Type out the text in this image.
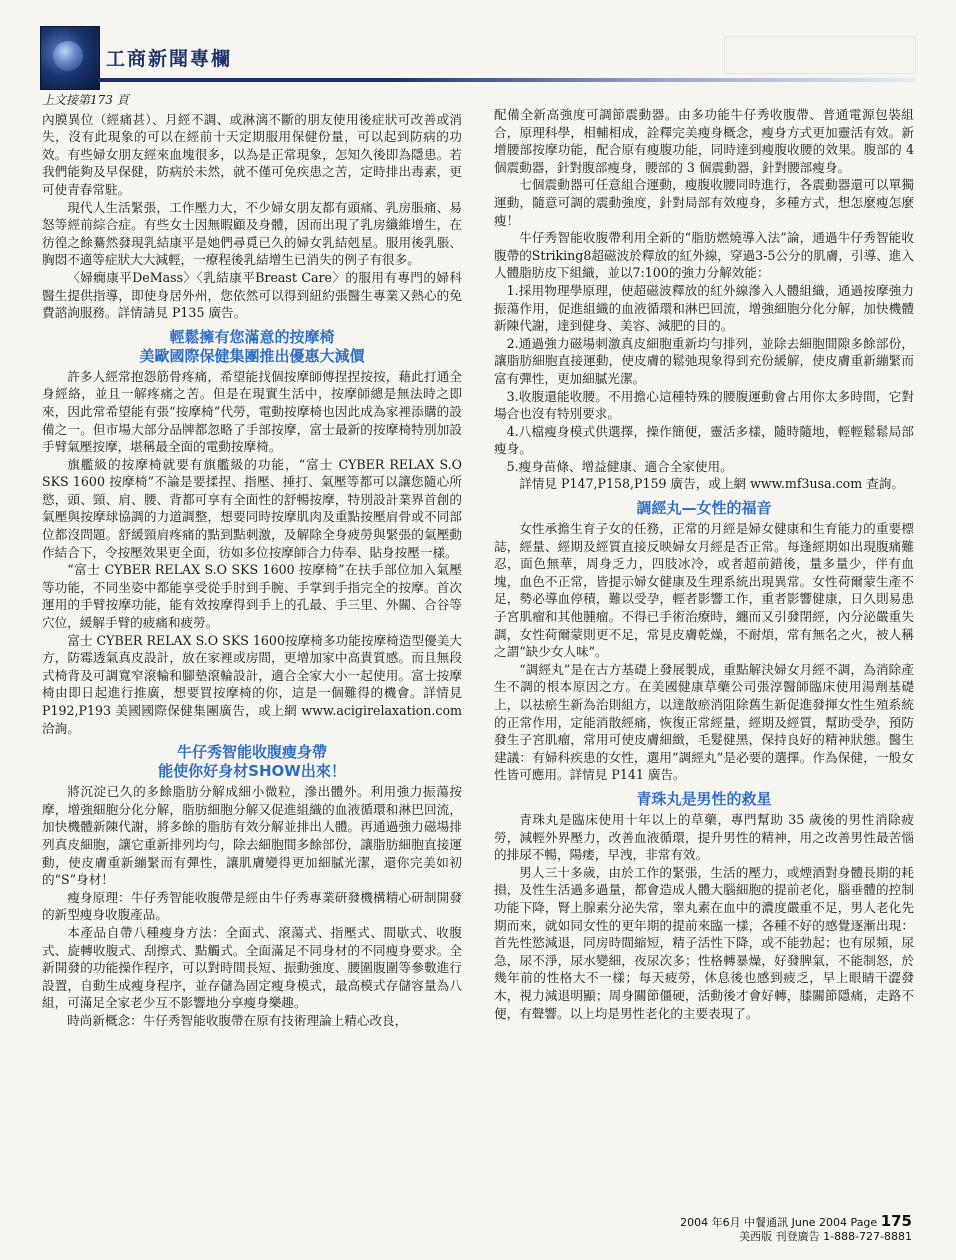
工商新聞專欄
上文接第173 頁

內膜異位（經痛甚）、月經不調、或淋漓不斷的朋友使用後症狀可改善或消失，沒有此現象的可以在經前十天定期服用保健份量，可以起到防病的功效。有些婦女朋友經來血塊很多，以為是正常現象，怎知久後即為隱患。若我們能夠及早保健，防病於未然，就不僅可免疾患之苦，定時排出毒素，更可使青春常駐。

現代人生活緊張，工作壓力大，不少婦女朋友都有頭痛、乳房脹痛、易怒等經前綜合症。有些女士因無暇顧及身體，因而出現了乳房纖維增生，在彷徨之餘驀然發現乳結康平是她們尋覓已久的婦女乳結剋星。服用後乳脹、胸悶不適等症狀大大減輕，一療程後乳結增生已消失的例子有很多。

〈婦癇康平DeMass〉〈乳結康平Breast Care〉的服用有專門的婦科醫生提供指導，即使身居外州，您依然可以得到紐約張醫生專業又熱心的免費諮詢服務。詳情請見 P135 廣告。

輕鬆擁有您滿意的按摩椅
美歐國際保健集團推出優惠大減價

許多人經常抱怨筋骨疼痛，希望能找個按摩師傅捏捏按按，藉此打通全身經絡，並且一解疼痛之苦。但是在現實生活中，按摩師總是無法時之即來，因此常希望能有張“按摩椅”代勞，電動按摩椅也因此成為家裡添購的設備之一。但市場大部分品牌都忽略了手部按摩，富士最新的按摩椅特別加設手臂氣壓按摩，堪稱最全面的電動按摩椅。

旗艦級的按摩椅就要有旗艦級的功能，“富士 CYBER RELAX S.O SKS 1600 按摩椅”不論是要揉捏、指壓、捶打、氣壓等都可以讓您隨心所慾，頭、頸、肩、腰、背都可享有全面性的舒暢按摩，特別設計業界首創的氣壓與按摩球協調的力道調整，想要同時按摩肌肉及重點按壓肩骨或不同部位都沒問題。舒緩頸肩疼痛的點到點刺激，及解除全身疲勞與緊張的氣壓動作結合下，令按壓效果更全面，彷如多位按摩師合力侍奉、貼身按壓一樣。

“富士 CYBER RELAX S.O SKS 1600 按摩椅”在扶手部位加入氣壓等功能，不同坐姿中都能享受從手肘到手腕、手掌到手指完全的按摩。首次運用的手臂按摩功能，能有效按摩得到手上的孔最、手三里、外關、合谷等穴位，緩解手臂的疲痛和疲勞。

富士 CYBER RELAX S.O SKS 1600按摩椅多功能按摩椅造型優美大方，防霉透氣真皮設計，放在家裡或房間，更增加家中高貴質感。而且無段式椅背及可調寬窄滾輪和腳墊滾輪設計，適合全家大小一起使用。富士按摩椅由即日起進行推廣，想要買按摩椅的你，這是一個難得的機會。詳情見 P192,P193 美國國際保健集團廣告，或上網 www.acigirelaxation.com 洽詢。

牛仔秀智能收腹瘦身帶
能使你好身材SHOW出來！

將沉淀已久的多餘脂肪分解成細小微粒，滲出體外。利用強力振蕩按摩，增強細胞分化分解，脂肪細胞分解又促進組織的血液循環和淋巴回流，加快機體新陳代謝，將多餘的脂肪有效分解並排出人體。再通過強力磁場排列真皮細胞，讓它重新排列均勻，除去細胞間多餘部份，讓脂肪細胞直接運動，使皮膚重新繃緊而有彈性，讓肌膚變得更加細膩光潔，還你完美如初的“S”身材！

瘦身原理：牛仔秀智能收腹帶是經由牛仔秀專業研發機構精心研制開發的新型瘦身收腹產品。

本產品自帶八種瘦身方法：全面式、滾蕩式、指壓式、間歇式、收腹式、旋轉收腹式、刮擦式、點觸式。全面滿足不同身材的不同瘦身要求。全新開發的功能操作程序，可以對時間長短、振動強度、腰圍腹圍等參數進行設置，自動生成瘦身程序，並存儲為固定瘦身模式，最高模式存儲容量為八組，可滿足全家老少互不影響地分享瘦身樂趣。

時尚新概念：牛仔秀智能收腹帶在原有技術理論上精心改良，

配備全新高強度可調節震動器。由多功能牛仔秀收腹帶、普通電源包裝組合，原理科學，相輔相成，詮釋完美瘦身概念，瘦身方式更加靈活有效。新增腰部按摩功能，配合原有瘦腹功能，同時達到瘦腹收腰的效果。腹部的 4 個震動器，針對腹部瘦身，腰部的 3 個震動器，針對腰部瘦身。

七個震動器可任意組合運動，瘦腹收腰同時進行，各震動器還可以單獨運動，隨意可調的震動強度，針對局部有效瘦身，多種方式，想怎麼瘦怎麼瘦！

牛仔秀智能收腹帶利用全新的“脂肪燃燒導入法”論，通過牛仔秀智能收腹帶的Striking8超磁波於釋放的紅外線，穿過3-5公分的肌膚，引導、進入人體脂肪皮下組織，並以7:100的強力分解效能：

1.採用物理學原理，使超磁波釋放的紅外線滲入人體組織，通過按摩強力振蕩作用，促進組織的血液循環和淋巴回流，增強細胞分化分解，加快機體新陳代謝，達到健身、美容、減肥的目的。

2.通過強力磁場刺激真皮細胞重新均勻排列，並除去細胞間隙多餘部份，讓脂肪細胞直接運動，使皮膚的鬆弛現象得到充份緩解，使皮膚重新繃緊而富有彈性，更加細膩光潔。

3.收腹還能收腰。不用擔心這種特殊的腰腹運動會占用你太多時間，它對場合也沒有特別要求。

4.八檔瘦身模式供選擇，操作簡便，靈活多樣，隨時隨地，輕輕鬆鬆局部瘦身。

5.瘦身苗條、增益健康、適合全家使用。

詳情見 P147,P158,P159 廣告，或上網 www.mf3usa.com 查詢。

調經丸—女性的福音

女性承擔生育子女的任務，正常的月經是婦女健康和生育能力的重要標誌，經量、經期及經質直接反映婦女月經是否正常。每逢經期如出現腹痛難忍，面色無華，周身乏力，四肢冰冷，或者超前錯後，量多量少，伴有血塊，血色不正常，皆提示婦女健康及生理系統出現異常。女性荷爾蒙生產不足，勢必導血停積，難以受孕，輕者影響工作，重者影響健康，日久則易患子宮肌瘤和其他腫瘤。不得已手術治療時，纏而又引發閉經，內分泌嚴重失調，女性荷爾蒙則更不足，常見皮膚乾燥，不耐煩，常有無名之火，被人稱之謂“缺少女人味”。

“調經丸”是在古方基礎上發展製成，重點解決婦女月經不調，為消除產生不調的根本原因之方。在美國健康草藥公司張淳醫師臨床使用湯劑基礎上，以祛瘀生新為治則組方，以達散瘀消阻除舊生新促進發揮女性生殖系統的正常作用，定能消散經痛，恢復正常經量，經期及經質，幫助受孕，預防發生子宮肌瘤，常用可使皮膚細緻，毛髮健黑，保持良好的精神狀態。醫生建議：有婦科疾患的女性，選用“調經丸”是必要的選擇。作為保健，一般女性皆可應用。詳情見 P141 廣告。

青珠丸是男性的救星

青珠丸是臨床使用十年以上的草藥，專門幫助 35 歲後的男性消除疲勞，減輕外界壓力，改善血液循環，提升男性的精神，用之改善男性最苦惱的排尿不暢，陽痿，早洩，非常有效。

男人三十多歲，由於工作的緊張，生活的壓力，或煙酒對身體長期的耗損，及性生活過多過量，都會造成人體大腦細胞的提前老化，腦垂體的控制功能下降，腎上腺素分泌失常，睾丸素在血中的濃度嚴重不足，男人老化先期而來，就如同女性的更年期的提前來臨一樣，各種不好的感覺逐漸出現：首先性慾減退，同房時間縮短，精子活性下降，或不能勃起；也有尿頻，尿急，尿不淨，尿水變細，夜尿次多；性格轉暴燥，好發脾氣，不能制怒，於幾年前的性格大不一樣；每天疲勞，休息後也感到疲乏，早上眼睛干澀發木，視力減退明顯；周身關節僵硬，活動後才會好轉，膝關節隱痛，走路不便，有聲響。以上均是男性老化的主要表現了。

2004 年6月 中餐通訊 June 2004 Page 175
美西版 刊登廣告 1-888-727-8881
